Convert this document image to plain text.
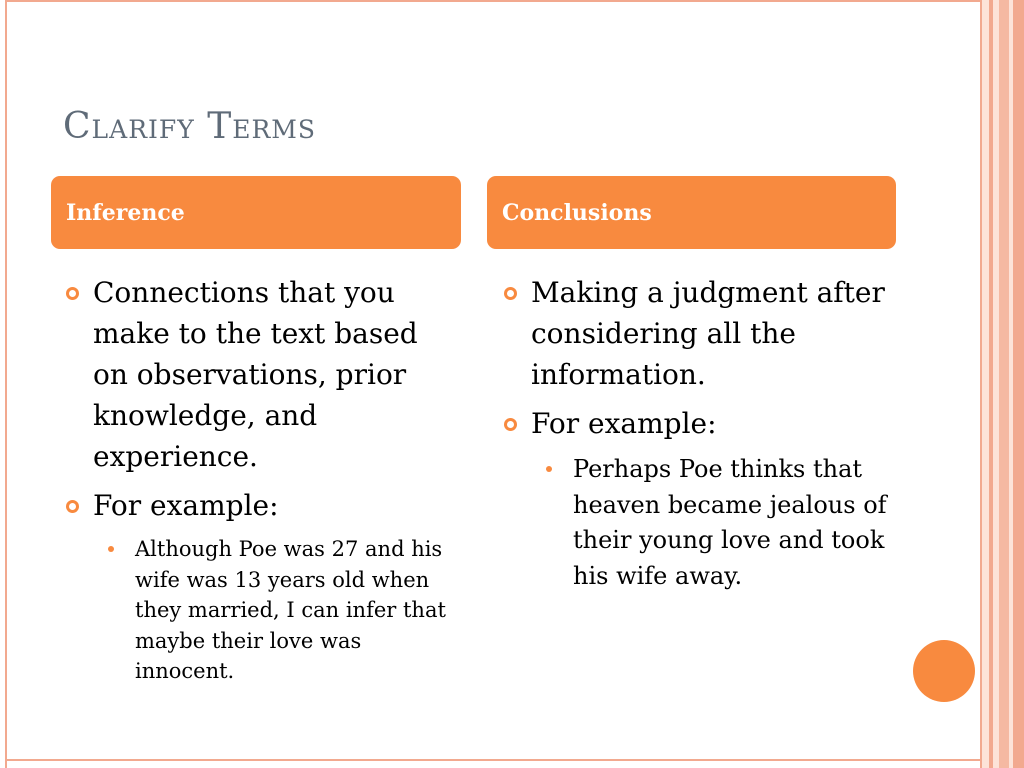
Clarify Terms
Inference	Conclusions
Connections that you make to the text based on observations, prior knowledge, and experience.
For example:
Although Poe was 27 and his wife was 13 years old when they married, I can infer that maybe their love was innocent.
Making a judgment after considering all the information.
For example:
Perhaps Poe thinks that heaven became jealous of their young love and took his wife away.
